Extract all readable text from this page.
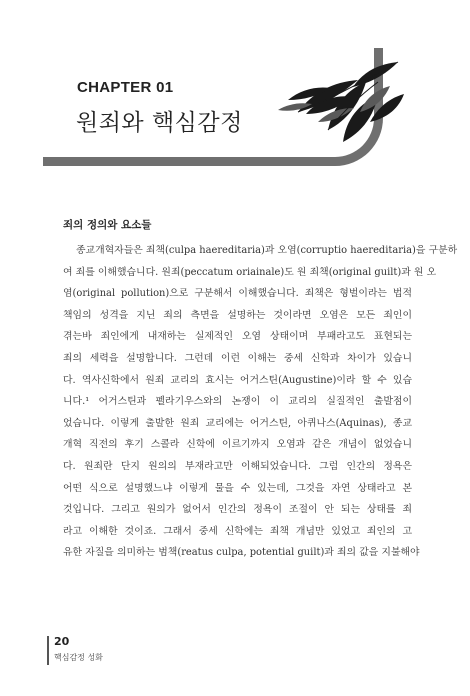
CHAPTER 01
원죄와 핵심감정
죄의 정의와 요소들
종교개혁자들은 죄책(culpa haereditaria)과 오염(corruptio haereditaria)을 구분하
여 죄를 이해했습니다. 원죄(peccatum oriainale)도 원 죄책(original guilt)과 원 오
염(original pollution)으로 구분해서 이해했습니다. 죄책은 형벌이라는 법적
책임의 성격을 지닌 죄의 측면을 설명하는 것이라면 오염은 모든 죄인이
겪는바 죄인에게 내재하는 실제적인 오염 상태이며 부패라고도 표현되는
죄의 세력을 설명합니다. 그런데 이런 이해는 중세 신학과 차이가 있습니
다. 역사신학에서 원죄 교리의 효시는 어거스틴(Augustine)이라 할 수 있습
니다.¹ 어거스틴과 펠라기우스와의 논쟁이 이 교리의 실질적인 출발점이
었습니다. 이렇게 출발한 원죄 교리에는 어거스틴, 아퀴나스(Aquinas), 종교
개혁 직전의 후기 스콜라 신학에 이르기까지 오염과 같은 개념이 없었습니
다. 원죄란 단지 원의의 부재라고만 이해되었습니다. 그럼 인간의 정욕은
어떤 식으로 설명했느냐 이렇게 물을 수 있는데, 그것을 자연 상태라고 본
것입니다. 그리고 원의가 없어서 인간의 정욕이 조절이 안 되는 상태를 죄
라고 이해한 것이죠. 그래서 중세 신학에는 죄책 개념만 있었고 죄인의 고
유한 자질을 의미하는 범책(reatus culpa, potential guilt)과 죄의 값을 지불해야
20
핵심감정 성화
